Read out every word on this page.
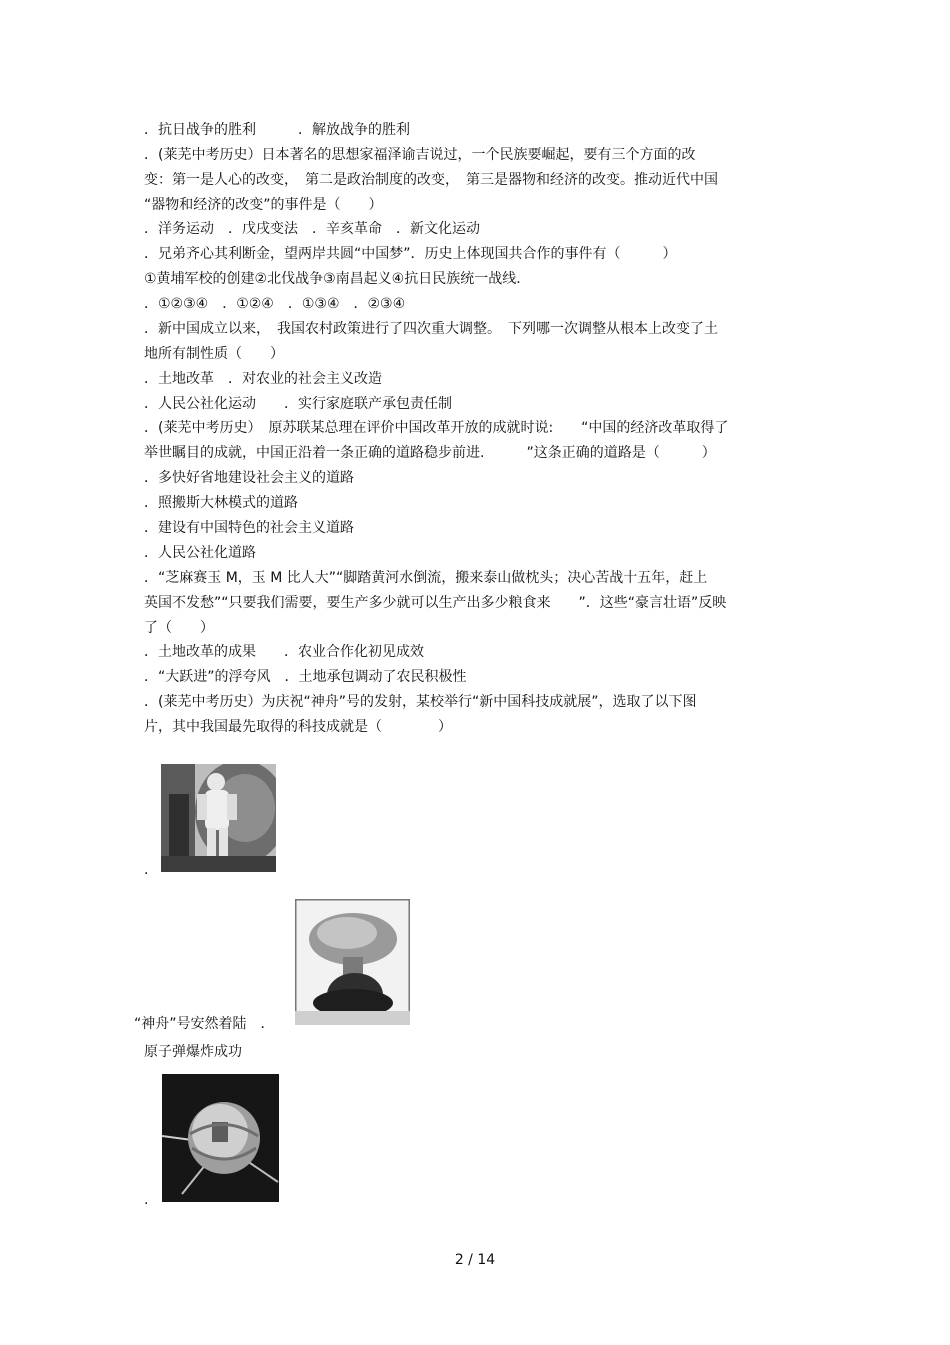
．抗日战争的胜利　　　．解放战争的胜利
．(莱芜中考历史）日本著名的思想家福泽谕吉说过，一个民族要崛起，要有三个方面的改
变：第一是人心的改变，　第二是政治制度的改变，　第三是器物和经济的改变。推动近代中国
“器物和经济的改变”的事件是（　　）
．洋务运动　．戊戌变法　．辛亥革命　．新文化运动
．兄弟齐心其利断金，望两岸共圆“中国梦”．历史上体现国共合作的事件有（　　　）
①黄埔军校的创建②北伐战争③南昌起义④抗日民族统一战线.
．①②③④　．①②④　．①③④　．②③④
．新中国成立以来，　我国农村政策进行了四次重大调整。　下列哪一次调整从根本上改变了土
地所有制性质（　　）
．土地改革　．对农业的社会主义改造
．人民公社化运动　　．实行家庭联产承包责任制
．(莱芜中考历史）　原苏联某总理在评价中国改革开放的成就时说:　　“中国的经济改革取得了
举世瞩目的成就，中国正沿着一条正确的道路稳步前进.　　　”这条正确的道路是（　　　）
．多快好省地建设社会主义的道路
．照搬斯大林模式的道路
．建设有中国特色的社会主义道路
．人民公社化道路
．“芝麻赛玉 M，玉 M 比人大”“脚踏黄河水倒流，搬来泰山做枕头；决心苦战十五年，赶上
英国不发愁”“只要我们需要，要生产多少就可以生产出多少粮食来　　”．这些“豪言壮语”反映
了（　　）
．土地改革的成果　　．农业合作化初见成效
．“大跃进”的浮夸风　．土地承包调动了农民积极性
．(莱芜中考历史）为庆祝“神舟”号的发射，某校举行“新中国科技成就展”，选取了以下图
片，其中我国最先取得的科技成就是（　　　　）
.
“神舟”号安然着陆　．
原子弹爆炸成功
.
2 / 14
